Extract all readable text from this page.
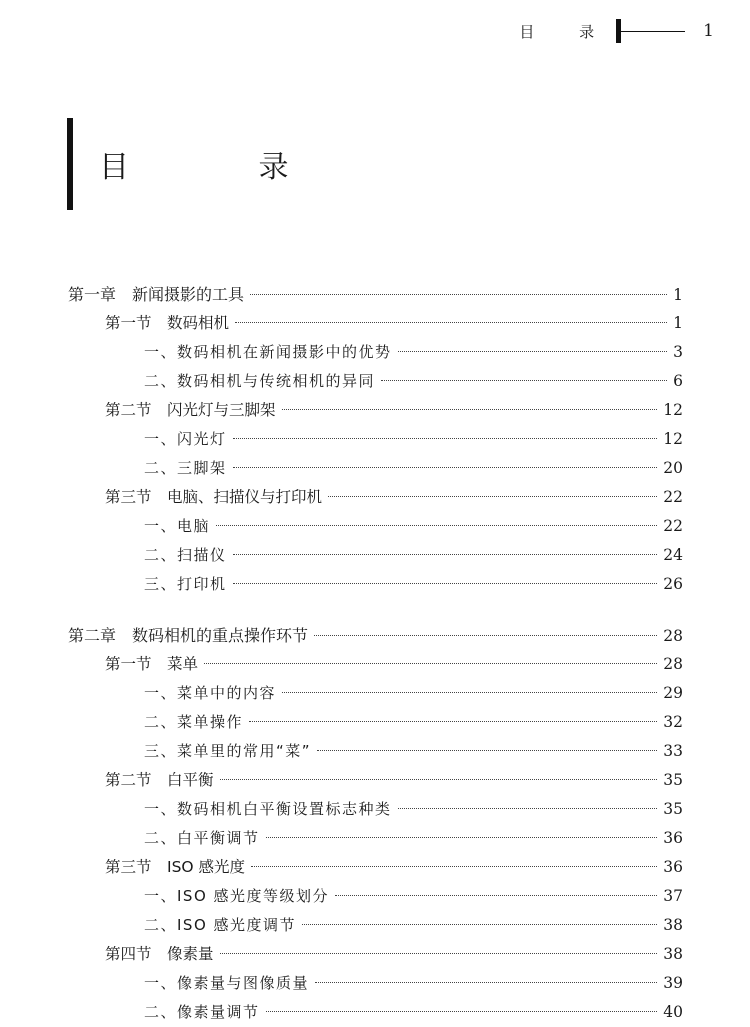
目 录	1
目 录
第一章　新闻摄影的工具	1
第一节　数码相机	1
一、数码相机在新闻摄影中的优势	3
二、数码相机与传统相机的异同	6
第二节　闪光灯与三脚架	12
一、闪光灯	12
二、三脚架	20
第三节　电脑、扫描仪与打印机	22
一、电脑	22
二、扫描仪	24
三、打印机	26
第二章　数码相机的重点操作环节	28
第一节　菜单	28
一、菜单中的内容	29
二、菜单操作	32
三、菜单里的常用“菜”	33
第二节　白平衡	35
一、数码相机白平衡设置标志种类	35
二、白平衡调节	36
第三节　ISO 感光度	36
一、ISO 感光度等级划分	37
二、ISO 感光度调节	38
第四节　像素量	38
一、像素量与图像质量	39
二、像素量调节	40
